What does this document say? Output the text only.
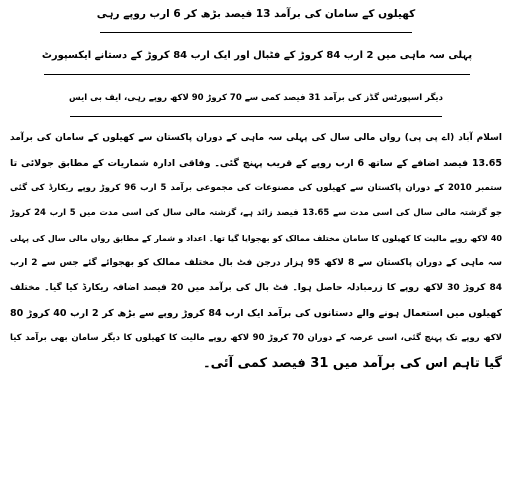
کھیلوں کے سامان کی برآمد 13 فیصد بڑھ کر 6 ارب روپے رہی
پہلی سہ ماہی میں 2 ارب 84 کروڑ کے فٹبال اور ایک ارب 84 کروڑ کے دستانے ایکسپورٹ
دیگر اسپورٹس گڈز کی برآمد 31 فیصد کمی سے 70 کروڑ 90 لاکھ روپے رہی، ایف بی ایس
اسلام آباد (اے پی پی) رواں مالی سال کی پہلی سہ ماہی کے دوران پاکستان سے کھیلوں کے سامان کی برآمد
13.65 فیصد اضافے کے ساتھ 6 ارب روپے کے قریب پہنچ گئی۔ وفاقی ادارہ شماریات کے مطابق جولائی تا
ستمبر 2010 کے دوران پاکستان سے کھیلوں کی مصنوعات کی مجموعی برآمد 5 ارب 96 کروڑ روپے ریکارڈ کی گئی
جو گزشتہ مالی سال کی اسی مدت سے 13.65 فیصد زائد ہے، گزشتہ مالی سال کی اسی مدت میں 5 ارب 24 کروڑ
40 لاکھ روپے مالیت کا کھیلوں کا سامان مختلف ممالک کو بھجوایا گیا تھا۔ اعداد و شمار کے مطابق رواں مالی سال کی پہلی
سہ ماہی کے دوران پاکستان سے 8 لاکھ 95 ہزار درجن فٹ بال مختلف ممالک کو بھجوائے گئے جس سے 2 ارب
84 کروڑ 30 لاکھ روپے کا زرمبادلہ حاصل ہوا۔ فٹ بال کی برآمد میں 20 فیصد اضافہ ریکارڈ کیا گیا۔ مختلف
کھیلوں میں استعمال ہونے والے دستانوں کی برآمد ایک ارب 84 کروڑ روپے سے بڑھ کر 2 ارب 40 کروڑ 80
لاکھ روپے تک پہنچ گئی، اسی عرصہ کے دوران 70 کروڑ 90 لاکھ روپے مالیت کا کھیلوں کا دیگر سامان بھی برآمد کیا
گیا تاہم اس کی برآمد میں 31 فیصد کمی آئی۔
